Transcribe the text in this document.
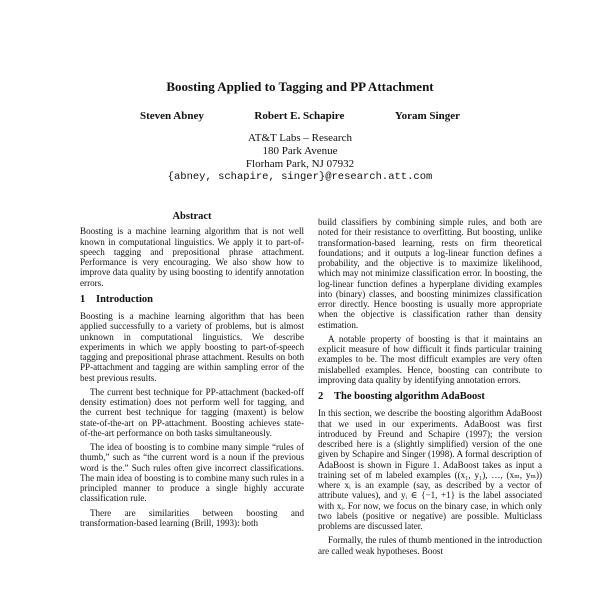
Boosting Applied to Tagging and PP Attachment
Steven Abney	Robert E. Schapire	Yoram Singer
AT&T Labs – Research
180 Park Avenue
Florham Park, NJ 07932
{abney, schapire, singer}@research.att.com
Abstract

Boosting is a machine learning algorithm that is not well known in computational linguistics. We apply it to part-of-speech tagging and prepositional phrase attachment. Performance is very encouraging. We also show how to improve data quality by using boosting to identify annotation errors.

1 Introduction

Boosting is a machine learning algorithm that has been applied successfully to a variety of problems, but is almost unknown in computational linguistics. We describe experiments in which we apply boosting to part-of-speech tagging and prepositional phrase attachment. Results on both PP-attachment and tagging are within sampling error of the best previous results.

The current best technique for PP-attachment (backed-off density estimation) does not perform well for tagging, and the current best technique for tagging (maxent) is below state-of-the-art on PP-attachment. Boosting achieves state-of-the-art performance on both tasks simultaneously.

The idea of boosting is to combine many simple “rules of thumb,” such as “the current word is a noun if the previous word is the.” Such rules often give incorrect classifications. The main idea of boosting is to combine many such rules in a principled manner to produce a single highly accurate classification rule.

There are similarities between boosting and transformation-based learning (Brill, 1993): both

build classifiers by combining simple rules, and both are noted for their resistance to overfitting. But boosting, unlike transformation-based learning, rests on firm theoretical foundations; and it outputs a log-linear function defines a probability, and the objective is to maximize likelihood, which may not minimize classification error. In boosting, the log-linear function defines a hyperplane dividing examples into (binary) classes, and boosting minimizes classification error directly. Hence boosting is usually more appropriate when the objective is classification rather than density estimation.

A notable property of boosting is that it maintains an explicit measure of how difficult it finds particular training examples to be. The most difficult examples are very often mislabelled examples. Hence, boosting can contribute to improving data quality by identifying annotation errors.

2 The boosting algorithm AdaBoost

In this section, we describe the boosting algorithm AdaBoost that we used in our experiments. AdaBoost was first introduced by Freund and Schapire (1997); the version described here is a (slightly simplified) version of the one given by Schapire and Singer (1998). A formal description of AdaBoost is shown in Figure 1. AdaBoost takes as input a training set of m labeled examples ((x₁, y₁), …, (xₘ, yₘ)) where xᵢ is an example (say, as described by a vector of attribute values), and yᵢ ∈ {−1, +1} is the label associated with xᵢ. For now, we focus on the binary case, in which only two labels (positive or negative) are possible. Multiclass problems are discussed later.

Formally, the rules of thumb mentioned in the introduction are called weak hypotheses. Boost
